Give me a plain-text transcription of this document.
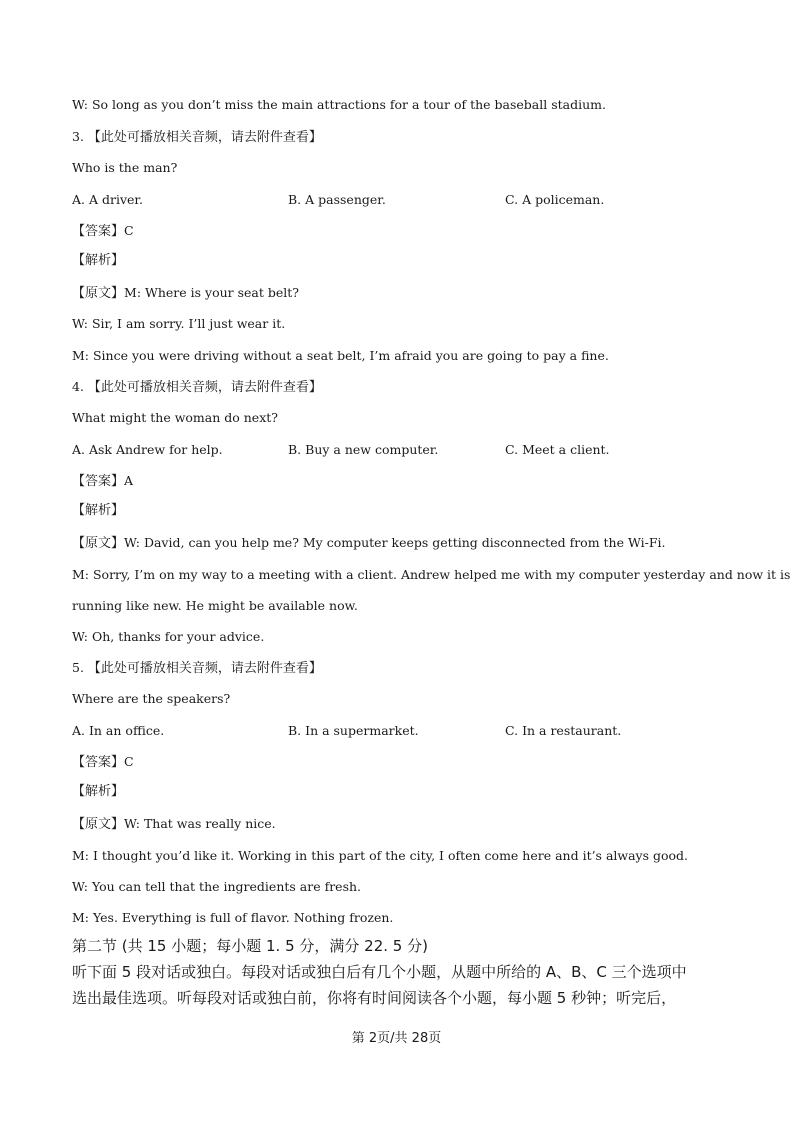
W: So long as you don’t miss the main attractions for a tour of the baseball stadium.
3. 【此处可播放相关音频，请去附件查看】
Who is the man?
A. A driver.	B. A passenger.	C. A policeman.
【答案】C
【解析】
【原文】M: Where is your seat belt?
W: Sir, I am sorry. I’ll just wear it.
M: Since you were driving without a seat belt, I’m afraid you are going to pay a fine.
4. 【此处可播放相关音频，请去附件查看】
What might the woman do next?
A. Ask Andrew for help.	B. Buy a new computer.	C. Meet a client.
【答案】A
【解析】
【原文】W: David, can you help me? My computer keeps getting disconnected from the Wi-Fi.
M: Sorry, I’m on my way to a meeting with a client. Andrew helped me with my computer yesterday and now it is
running like new. He might be available now.
W: Oh, thanks for your advice.
5. 【此处可播放相关音频，请去附件查看】
Where are the speakers?
A. In an office.	B. In a supermarket.	C. In a restaurant.
【答案】C
【解析】
【原文】W: That was really nice.
M: I thought you’d like it. Working in this part of the city, I often come here and it’s always good.
W: You can tell that the ingredients are fresh.
M: Yes. Everything is full of flavor. Nothing frozen.
第二节 (共 15 小题；每小题 1. 5 分，满分 22. 5 分)
听下面 5 段对话或独白。每段对话或独白后有几个小题，从题中所给的 A、B、C 三个选项中
选出最佳选项。听每段对话或独白前，你将有时间阅读各个小题，每小题 5 秒钟；听完后，
第 2页/共 28页
